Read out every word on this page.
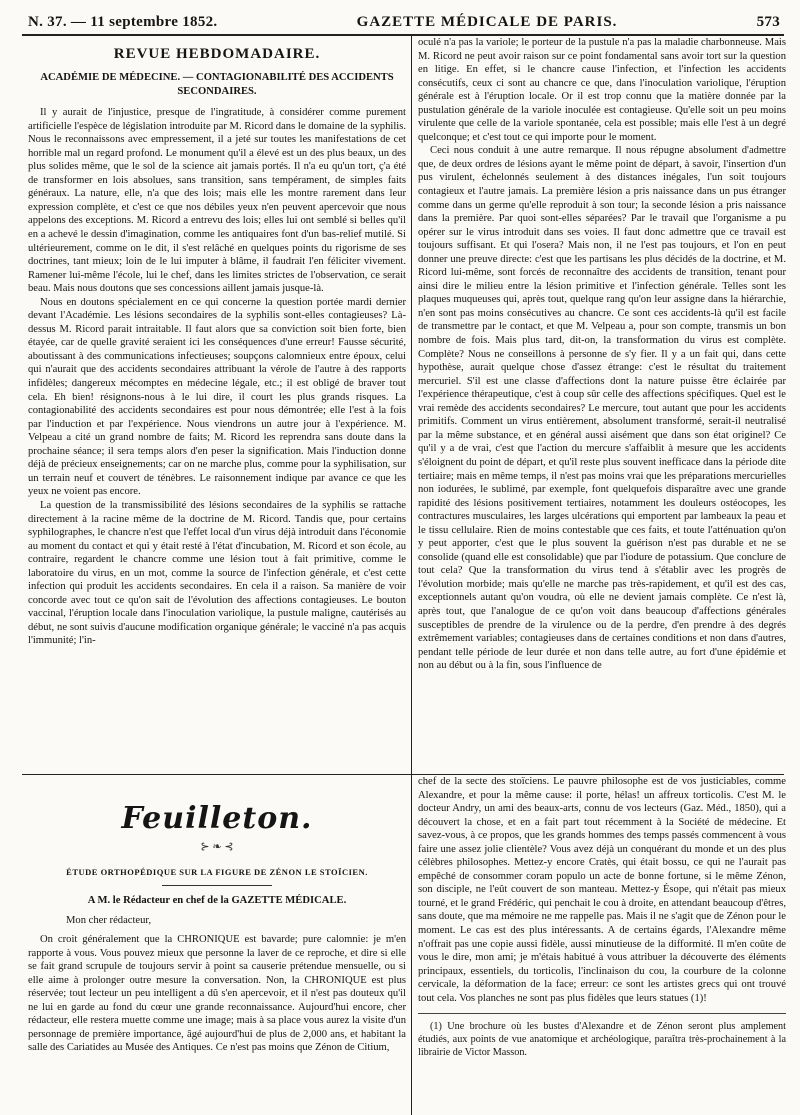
N. 37. — 11 septembre 1852.	GAZETTE MÉDICALE DE PARIS.	573
REVUE HEBDOMADAIRE.
ACADÉMIE DE MÉDECINE. — CONTAGIONABILITÉ DES ACCIDENTS SECONDAIRES.

Il y aurait de l'injustice, presque de l'ingratitude, à considérer comme purement artificielle l'espèce de législation introduite par M. Ricord dans le domaine de la syphilis. Nous le reconnaissons avec empressement, il a jeté sur toutes les manifestations de cet horrible mal un regard profond. Le monument qu'il a élevé est un des plus beaux, un des plus solides même, que le sol de la science ait jamais portés. Il n'a eu qu'un tort, ç'a été de transformer en lois absolues, sans transition, sans tempérament, de simples faits généraux. La nature, elle, n'a que des lois; mais elle les montre rarement dans leur expression complète, et c'est ce que nos débiles yeux n'en peuvent apercevoir que nous appelons des exceptions. M. Ricord a entrevu des lois; elles lui ont semblé si belles qu'il en a achevé le dessin d'imagination, comme les antiquaires font d'un bas-relief mutilé. Si ultérieurement, comme on le dit, il s'est relâché en quelques points du rigorisme de ses doctrines, tant mieux; loin de le lui imputer à blâme, il faudrait l'en féliciter vivement. Ramener lui-même l'école, lui le chef, dans les limites strictes de l'observation, ce serait beau. Mais nous doutons que ses concessions aillent jamais jusque-là.

Nous en doutons spécialement en ce qui concerne la question portée mardi dernier devant l'Académie. Les lésions secondaires de la syphilis sont-elles contagieuses? Là-dessus M. Ricord parait intraitable. Il faut alors que sa conviction soit bien forte, bien étayée, car de quelle gravité seraient ici les conséquences d'une erreur! Fausse sécurité, aboutissant à des communications infectieuses; soupçons calomnieux entre époux, celui qui n'aurait que des accidents secondaires attribuant la vérole de l'autre à des rapports infidèles; dangereux mécomptes en médecine légale, etc.; il est obligé de braver tout cela. Eh bien! résignons-nous à le lui dire, il court les plus grands risques. La contagionabilité des accidents secondaires est pour nous démontrée; elle l'est à la fois par l'induction et par l'expérience. Nous viendrons un autre jour à l'expérience. M. Velpeau a cité un grand nombre de faits; M. Ricord les reprendra sans doute dans la prochaine séance; il sera temps alors d'en peser la signification. Mais l'induction donne déjà de précieux enseignements; car on ne marche plus, comme pour la syphilisation, sur un terrain neuf et couvert de ténèbres. Le raisonnement indique par avance ce que les yeux ne voient pas encore.

La question de la transmissibilité des lésions secondaires de la syphilis se rattache directement à la racine même de la doctrine de M. Ricord. Tandis que, pour certains syphilographes, le chancre n'est que l'effet local d'un virus déjà introduit dans l'économie au moment du contact et qui y était resté à l'état d'incubation, M. Ricord et son école, au contraire, regardent le chancre comme une lésion tout à fait primitive, comme le laboratoire du virus, en un mot, comme la source de l'infection générale, et c'est cette infection qui produit les accidents secondaires. En cela il a raison. Sa manière de voir concorde avec tout ce qu'on sait de l'évolution des affections contagieuses. Le bouton vaccinal, l'éruption locale dans l'inoculation variolique, la pustule maligne, cautérisés au début, ne sont suivis d'aucune modification organique générale; le vacciné n'a pas acquis l'immunité; l'in-

oculé n'a pas la variole; le porteur de la pustule n'a pas la maladie charbonneuse. Mais M. Ricord ne peut avoir raison sur ce point fondamental sans avoir tort sur la question en litige. En effet, si le chancre cause l'infection, et l'infection les accidents consécutifs, ceux ci sont au chancre ce que, dans l'inoculation variolique, l'éruption générale est à l'éruption locale. Or il est trop connu que la matière donnée par la pustulation générale de la variole inoculée est contagieuse. Qu'elle soit un peu moins virulente que celle de la variole spontanée, cela est possible; mais elle l'est à un degré quelconque; et c'est tout ce qui importe pour le moment.

Ceci nous conduit à une autre remarque. Il nous répugne absolument d'admettre que, de deux ordres de lésions ayant le même point de départ, à savoir, l'insertion d'un pus virulent, échelonnés seulement à des distances inégales, l'un soit toujours contagieux et l'autre jamais. La première lésion a pris naissance dans un pus étranger comme dans un germe qu'elle reproduit à son tour; la seconde lésion a pris naissance dans la première. Par quoi sont-elles séparées? Par le travail que l'organisme a pu opérer sur le virus introduit dans ses voies. Il faut donc admettre que ce travail est toujours suffisant. Et qui l'osera? Mais non, il ne l'est pas toujours, et l'on en peut donner une preuve directe: c'est que les partisans les plus décidés de la doctrine, et M. Ricord lui-même, sont forcés de reconnaître des accidents de transition, tenant pour ainsi dire le milieu entre la lésion primitive et l'infection générale. Telles sont les plaques muqueuses qui, après tout, quelque rang qu'on leur assigne dans la hiérarchie, n'en sont pas moins consécutives au chancre. Ce sont ces accidents-là qu'il est facile de transmettre par le contact, et que M. Velpeau a, pour son compte, transmis un bon nombre de fois. Mais plus tard, dit-on, la transformation du virus est complète. Complète? Nous ne conseillons à personne de s'y fier. Il y a un fait qui, dans cette hypothèse, aurait quelque chose d'assez étrange: c'est le résultat du traitement mercuriel. S'il est une classe d'affections dont la nature puisse être éclairée par l'expérience thérapeutique, c'est à coup sûr celle des affections spécifiques. Quel est le vrai remède des accidents secondaires? Le mercure, tout autant que pour les accidents primitifs. Comment un virus entièrement, absolument transformé, serait-il neutralisé par la même substance, et en général aussi aisément que dans son état originel? Ce qu'il y a de vrai, c'est que l'action du mercure s'affaiblit à mesure que les accidents s'éloignent du point de départ, et qu'il reste plus souvent inefficace dans la période dite tertiaire; mais en même temps, il n'est pas moins vrai que les préparations mercurielles non iodurées, le sublimé, par exemple, font quelquefois disparaître avec une grande rapidité des lésions positivement tertiaires, notamment les douleurs ostéocopes, les contractures musculaires, les larges ulcérations qui emportent par lambeaux la peau et le tissu cellulaire. Rien de moins contestable que ces faits, et toute l'atténuation qu'on y peut apporter, c'est que le plus souvent la guérison n'est pas durable et ne se consolide (quand elle est consolidable) que par l'iodure de potassium. Que conclure de tout cela? Que la transformation du virus tend à s'établir avec les progrès de l'évolution morbide; mais qu'elle ne marche pas très-rapidement, et qu'il est des cas, exceptionnels autant qu'on voudra, où elle ne devient jamais complète. Ce n'est là, après tout, que l'analogue de ce qu'on voit dans beaucoup d'affections générales susceptibles de prendre de la virulence ou de la perdre, d'en prendre à des degrés extrêmement variables; contagieuses dans de certaines conditions et non dans d'autres, pendant telle période de leur durée et non dans telle autre, au fort d'une épidémie et non au début ou à la fin, sous l'influence de

Feuilleton.
⊱ ❧ ⊰
ÉTUDE ORTHOPÉDIQUE SUR LA FIGURE DE ZÉNON LE STOÏCIEN.
A M. le Rédacteur en chef de la GAZETTE MÉDICALE.

Mon cher rédacteur,

On croit généralement que la CHRONIQUE est bavarde; pure calomnie: je m'en rapporte à vous. Vous pouvez mieux que personne la laver de ce reproche, et dire si elle se fait grand scrupule de toujours servir à point sa causerie prétendue mensuelle, ou si elle aime à prolonger outre mesure la conversation. Non, la CHRONIQUE est plus réservée; tout lecteur un peu intelligent a dû s'en apercevoir, et il n'est pas douteux qu'il ne lui en garde au fond du cœur une grande reconnaissance. Aujourd'hui encore, cher rédacteur, elle restera muette comme une image; mais à sa place vous aurez la visite d'un personnage de première importance, âgé aujourd'hui de plus de 2,000 ans, et habitant la salle des Cariatides au Musée des Antiques. Ce n'est pas moins que Zénon de Citium,

chef de la secte des stoïciens. Le pauvre philosophe est de vos justiciables, comme Alexandre, et pour la même cause: il porte, hélas! un affreux torticolis. C'est M. le docteur Andry, un ami des beaux-arts, connu de vos lecteurs (Gaz. Méd., 1850), qui a découvert la chose, et en a fait part tout récemment à la Société de médecine. Et savez-vous, à ce propos, que les grands hommes des temps passés commencent à vous faire une assez jolie clientèle? Vous avez déjà un conquérant du monde et un des plus célèbres philosophes. Mettez-y encore Cratès, qui était bossu, ce qui ne l'aurait pas empêché de consommer coram populo un acte de bonne fortune, si le même Zénon, son disciple, ne l'eût couvert de son manteau. Mettez-y Ésope, qui n'était pas mieux tourné, et le grand Frédéric, qui penchait le cou à droite, en attendant beaucoup d'êtres, sans doute, que ma mémoire ne me rappelle pas. Mais il ne s'agit que de Zénon pour le moment. Le cas est des plus intéressants. A de certains égards, l'Alexandre même n'offrait pas une copie aussi fidèle, aussi minutieuse de la difformité. Il m'en coûte de vous le dire, mon ami; je m'étais habitué à vous attribuer la découverte des éléments principaux, essentiels, du torticolis, l'inclinaison du cou, la courbure de la colonne cervicale, la déformation de la face; erreur: ce sont les artistes grecs qui ont trouvé tout cela. Vos planches ne sont pas plus fidèles que leurs statues (1)!

(1) Une brochure où les bustes d'Alexandre et de Zénon seront plus amplement étudiés, aux points de vue anatomique et archéologique, paraîtra très-prochainement à la librairie de Victor Masson.
